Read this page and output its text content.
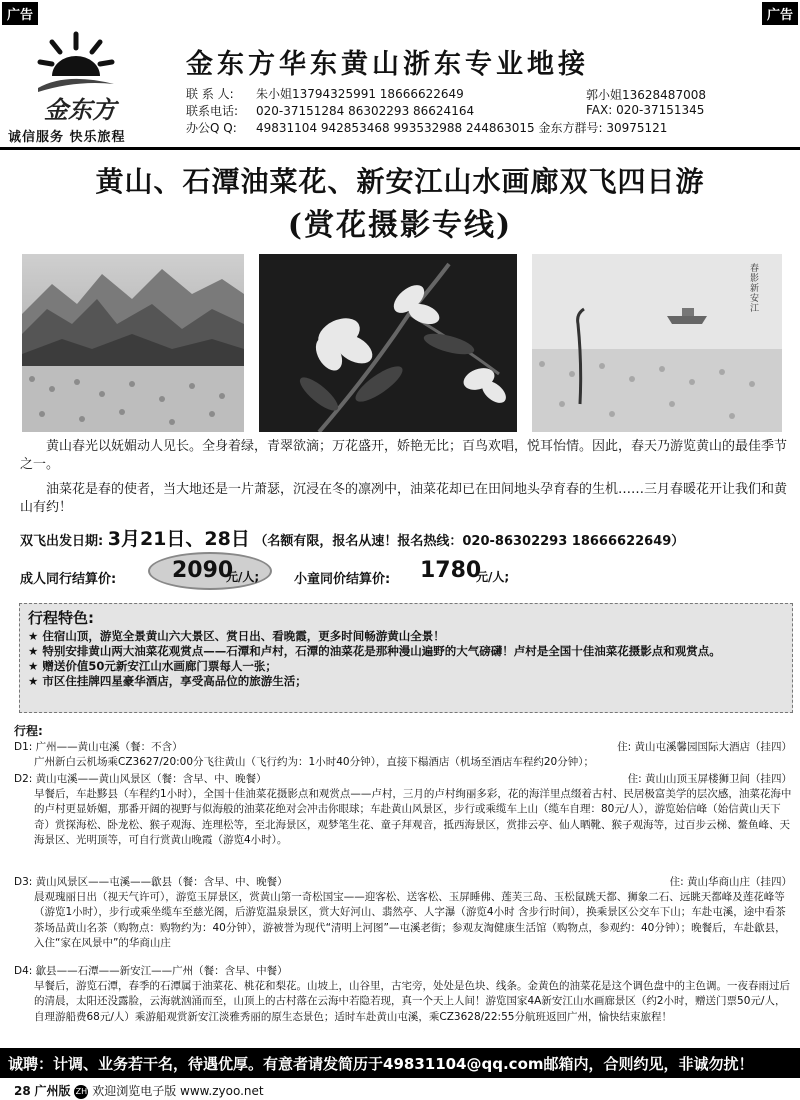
广告	广告
金东方
诚信服务 快乐旅程
金东方华东黄山浙东专业地接
联 系 人: 朱小姐13794325991 18666622649
联系电话: 020-37151284 86302293 86624164
办公Q Q: 49831104 942853468 993532988 244863015 金东方群号: 30975121
郭小姐13628487008
FAX: 020-37151345
黄山、石潭油菜花、新安江山水画廊双飞四日游
(赏花摄影专线)
春影新安江
黄山春光以妩媚动人见长。全身着绿，青翠欲滴；万花盛开，娇艳无比；百鸟欢唱，悦耳怡情。因此，春天乃游览黄山的最佳季节之一。
油菜花是春的使者，当大地还是一片萧瑟，沉浸在冬的凛冽中，油菜花却已在田间地头孕育春的生机……三月春暖花开让我们和黄山有约！
双飞出发日期: 3月21日、28日 （名额有限，报名从速！报名热线：020-86302293 18666622649）
成人同行结算价:	2090
元/人;	小童同价结算价: 1780
元/人;
行程特色:
★ 住宿山顶，游览全景黄山六大景区、赏日出、看晚霞，更多时间畅游黄山全景！
★ 特别安排黄山两大油菜花观赏点——石潭和卢村，石潭的油菜花是那种漫山遍野的大气磅礴！卢村是全国十佳油菜花摄影点和观赏点。
★ 赠送价值50元新安江山水画廊门票每人一张；
★ 市区住挂牌四星豪华酒店，享受高品位的旅游生活；
行程:
D1: 广州——黄山屯溪（餐：不含）	住: 黄山屯溪馨园国际大酒店（挂四）
广州新白云机场乘CZ3627/20:00分飞往黄山（飞行约为：1小时40分钟），直接下榻酒店（机场至酒店车程约20分钟）；
D2: 黄山屯溪——黄山风景区（餐：含早、中、晚餐）	住: 黄山山顶玉屏楼狮卫间（挂四）
早餐后，车赴黟县（车程约1小时），全国十佳油菜花摄影点和观赏点——卢村，三月的卢村绚丽多彩，花的海洋里点缀着古村、民居极富美学的层次感，油菜花海中的卢村更显娇媚，那番开阔的视野与似海般的油菜花绝对会冲击你眼球；车赴黄山风景区，步行或乘缆车上山（缆车自理：80元/人），游览始信峰（始信黄山天下奇）赏探海松、卧龙松、猴子观海、连理松等，至北海景区，观梦笔生花、童子拜观音，抵西海景区，赏排云亭、仙人晒靴、猴子观海等，过百步云梯、鳌鱼峰、天海景区、光明顶等，可自行赏黄山晚霞（游览4小时）。
D3: 黄山风景区——屯溪——歙县（餐：含早、中、晚餐）	住: 黄山华商山庄（挂四）
晨观瑰丽日出（视天气许可），游览玉屏景区，赏黄山第一奇松国宝——迎客松、送客松、玉屏睡佛、莲芙三岛、玉松鼠跳天都、狮象二石、远眺天都峰及莲花峰等（游览1小时），步行或乘坐缆车至慈光阁，后游览温泉景区，赏大好河山、翡然亭、人字瀑（游览4小时 含步行时间），换乘景区公交车下山；车赴屯溪，途中看茶茶场品黄山名茶（购物点：购物约为：40分钟），游被誉为现代“清明上河图”—屯溪老街；参观友淘健康生活馆（购物点，参观约：40分钟）；晚餐后，车赴歙县，入住“家在风景中”的华商山庄
D4: 歙县——石潭——新安江——广州（餐：含早、中餐）
早餐后，游览石潭，春季的石潭属于油菜花、桃花和梨花。山坡上，山谷里，古宅旁，处处是色块、线条。金黄色的油菜花是这个调色盘中的主色调。一夜春雨过后的清晨，太阳还没露脸，云海就汹涌而至，山顶上的古村落在云海中若隐若现，真一个天上人间！游览国家4A新安江山水画廊景区（约2小时，赠送门票50元/人，自理游船费68元/人）乘游船观赏新安江淡雅秀丽的原生态景色；适时车赴黄山屯溪，乘CZ3628/22:55分航班返回广州，愉快结束旅程！
诚聘：计调、业务若干名，待遇优厚。有意者请发简历于49831104@qq.com邮箱内，合则约见，非诚勿扰！
28 广州版 ZH 欢迎浏览电子版 www.zyoo.net
